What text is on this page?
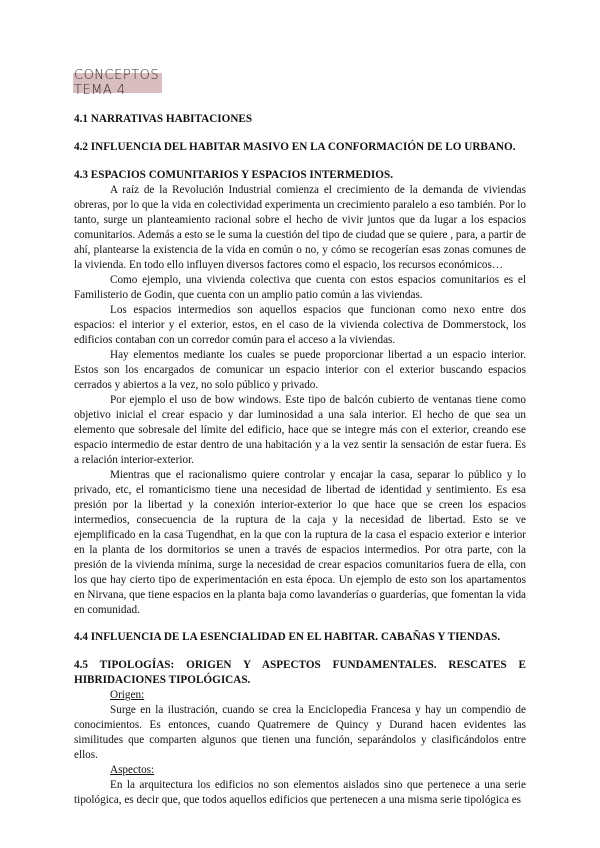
CONCEPTOS TEMA 4
4.1 NARRATIVAS HABITACIONES
4.2 INFLUENCIA DEL HABITAR MASIVO EN LA CONFORMACIÓN DE LO URBANO.
4.3 ESPACIOS COMUNITARIOS Y ESPACIOS INTERMEDIOS.

A raíz de la Revolución Industrial comienza el crecimiento de la demanda de viviendas obreras, por lo que la vida en colectividad experimenta un crecimiento paralelo a eso también. Por lo tanto, surge un planteamiento racional sobre el hecho de vivir juntos que da lugar a los espacios comunitarios. Además a esto se le suma la cuestión del tipo de ciudad que se quiere , para, a partir de ahí, plantearse la existencia de la vida en común o no, y cómo se recogerían esas zonas comunes de la vivienda. En todo ello influyen diversos factores como el espacio, los recursos económicos…

Como ejemplo, una vivienda colectiva que cuenta con estos espacios comunitarios es el Familisterio de Godin, que cuenta con un amplio patio común a las viviendas.

Los espacios intermedios son aquellos espacios que funcionan como nexo entre dos espacios: el interior y el exterior, estos, en el caso de la vivienda colectiva de Dommerstock, los edificios contaban con un corredor común para el acceso a la viviendas.

Hay elementos mediante los cuales se puede proporcionar libertad a un espacio interior. Estos son los encargados de comunicar un espacio interior con el exterior buscando espacios cerrados y abiertos a la vez, no solo público y privado.

Por ejemplo el uso de bow windows. Este tipo de balcón cubierto de ventanas tiene como objetivo inicial el crear espacio y dar luminosidad a una sala interior. El hecho de que sea un elemento que sobresale del límite del edificio, hace que se integre más con el exterior, creando ese espacio intermedio de estar dentro de una habitación y a la vez sentir la sensación de estar fuera. Es a relación interior-exterior.

Mientras que el racionalismo quiere controlar y encajar la casa, separar lo público y lo privado, etc, el romanticismo tiene una necesidad de libertad de identidad y sentimiento. Es esa presión por la libertad y la conexión interior-exterior lo que hace que se creen los espacios intermedios, consecuencia de la ruptura de la caja y la necesidad de libertad. Esto se ve ejemplificado en la casa Tugendhat, en la que con la ruptura de la casa el espacio exterior e interior en la planta de los dormitorios se unen a través de espacios intermedios. Por otra parte, con la presión de la vivienda mínima, surge la necesidad de crear espacios comunitarios fuera de ella, con los que hay cierto tipo de experimentación en esta época. Un ejemplo de esto son los apartamentos en Nirvana, que tiene espacios en la planta baja como lavanderías o guarderías, que fomentan la vida en comunidad.

4.4 INFLUENCIA DE LA ESENCIALIDAD EN EL HABITAR. CABAÑAS Y TIENDAS.
4.5 TIPOLOGÍAS: ORIGEN Y ASPECTOS FUNDAMENTALES. RESCATES E
HIBRIDACIONES TIPOLÓGICAS.
Origen:

Surge en la ilustración, cuando se crea la Enciclopedia Francesa y hay un compendio de conocimientos. Es entonces, cuando Quatremere de Quincy y Durand hacen evidentes las similitudes que comparten algunos que tienen una función, separándolos y clasificándolos entre ellos.

Aspectos:

En la arquitectura los edificios no son elementos aislados sino que pertenece a una serie tipológica, es decir que, que todos aquellos edificios que pertenecen a una misma serie tipológica es
